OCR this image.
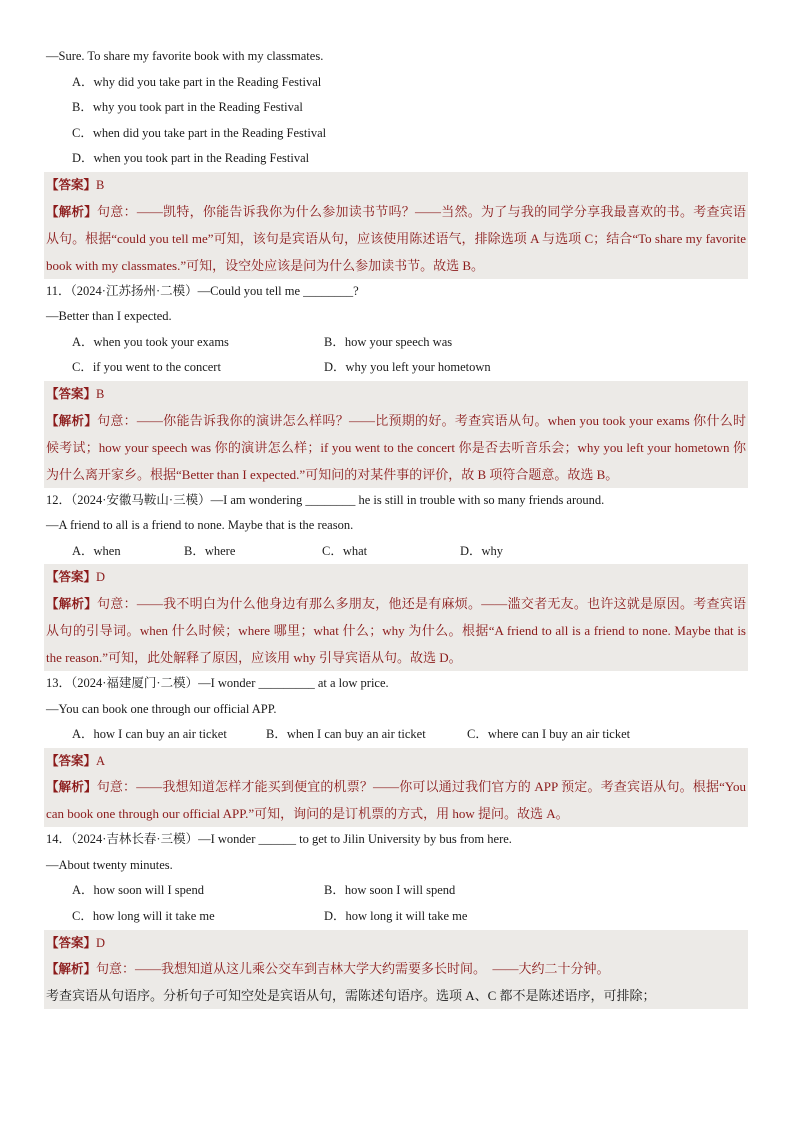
—Sure. To share my favorite book with my classmates.
A．why did you take part in the Reading Festival
B．why you took part in the Reading Festival
C．when did you take part in the Reading Festival
D．when you took part in the Reading Festival
【答案】B
【解析】句意：——凯特，你能告诉我你为什么参加读书节吗？——当然。为了与我的同学分享我最喜欢的书。考查宾语从句。根据“could you tell me”可知，该句是宾语从句，应该使用陈述语气，排除选项 A 与选项 C；结合“To share my favorite book with my classmates.”可知，设空处应该是问为什么参加读书节。故选 B。
11．（2024·江苏扬州·二模）—Could you tell me ________?
—Better than I expected.
A．when you took your exams	B．how your speech was
C．if you went to the concert	D．why you left your hometown
【答案】B
【解析】句意：——你能告诉我你的演讲怎么样吗？——比预期的好。考查宾语从句。when you took your exams 你什么时候考试；how your speech was 你的演讲怎么样；if you went to the concert 你是否去听音乐会；why you left your hometown 你为什么离开家乡。根据“Better than I expected.”可知问的对某件事的评价，故 B 项符合题意。故选 B。
12．（2024·安徽马鞍山·三模）—I am wondering ________ he is still in trouble with so many friends around.
—A friend to all is a friend to none. Maybe that is the reason.
A．when	B．where	C．what	D．why
【答案】D
【解析】句意：——我不明白为什么他身边有那么多朋友，他还是有麻烦。——滥交者无友。也许这就是原因。考查宾语从句的引导词。when 什么时候；where 哪里；what 什么；why 为什么。根据“A friend to all is a friend to none. Maybe that is the reason.”可知，此处解释了原因，应该用 why 引导宾语从句。故选 D。
13．（2024·福建厦门·二模）—I wonder _________ at a low price.
—You can book one through our official APP.
A．how I can buy an air ticket	B．when I can buy an air ticket	C．where can I buy an air ticket
【答案】A
【解析】句意：——我想知道怎样才能买到便宜的机票？——你可以通过我们官方的 APP 预定。考查宾语从句。根据“You can book one through our official APP.”可知，询问的是订机票的方式，用 how 提问。故选 A。
14．（2024·吉林长春·三模）—I wonder ______ to get to Jilin University by bus from here.
—About twenty minutes.
A．how soon will I spend	B．how soon I will spend
C．how long will it take me	D．how long it will take me
【答案】D
【解析】句意：——我想知道从这儿乘公交车到吉林大学大约需要多长时间。　——大约二十分钟。
考查宾语从句语序。分析句子可知空处是宾语从句，需陈述句语序。选项 A、C 都不是陈述语序，可排除；
